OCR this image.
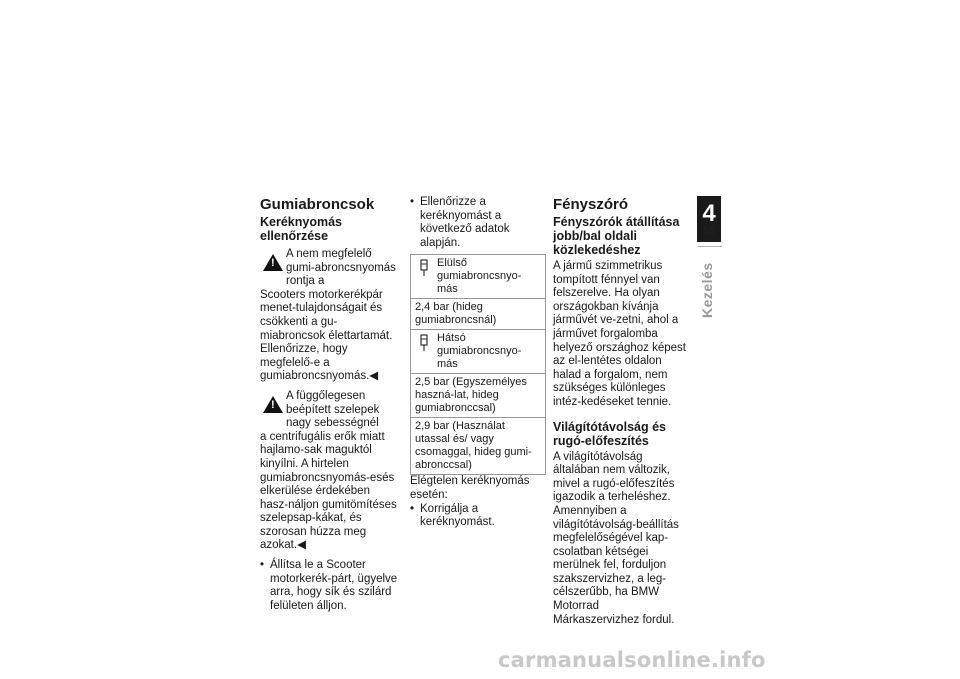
Gumiabroncsok
Keréknyomás ellenőrzése
!
A nem megfelelő gumi-abroncsnyomás rontja a
Scooters motorkerékpár menet-tulajdonságait és csökkenti a gu-miabroncsok élettartamát. Ellenőrizze, hogy megfelelő-e a gumiabroncsnyomás.◀
!
A függőlegesen beépített szelepek nagy sebességnél
a centrifugális erők miatt hajlamo-sak maguktól kinyílni. A hirtelen gumiabroncsnyomás-esés elkerülése érdekében hasz-náljon gumitömítéses szelepsap-kákat, és szorosan húzza meg azokat.◀
• Állítsa le a Scooter motorkerék-párt, ügyelve arra, hogy sík és szilárd felületen álljon.
• Ellenőrizze a keréknyomást a következő adatok alapján.
Elülső gumiabroncsnyo-más
2,4 bar (hideg gumiabroncsnál)
Hátsó gumiabroncsnyo-más
2,5 bar (Egyszemélyes haszná-lat, hideg gumiabronccsal)
2,9 bar (Használat utassal és/ vagy csomaggal, hideg gumi-abronccsal)
Elégtelen keréknyomás esetén:
• Korrigálja a keréknyomást.
Fényszóró
Fényszórók átállítása jobb/bal oldali közlekedéshez
A jármű szimmetrikus tompított fénnyel van felszerelve. Ha olyan országokban kívánja járművét ve-zetni, ahol a járművet forgalomba helyező országhoz képest az el-lentétes oldalon halad a forgalom, nem szükséges különleges intéz-kedéseket tennie.
Világítótávolság és rugó-előfeszítés
A világítótávolság általában nem változik, mivel a rugó-előfeszítés igazodik a terheléshez. Amennyiben a világítótávolság-beállítás megfelelőségével kap-csolatban kétségei merülnek fel, forduljon szakszervizhez, a leg-célszerűbb, ha BMW Motorrad Márkaszervizhez fordul.
4
51
Kezelés
carmanualsonline.info
